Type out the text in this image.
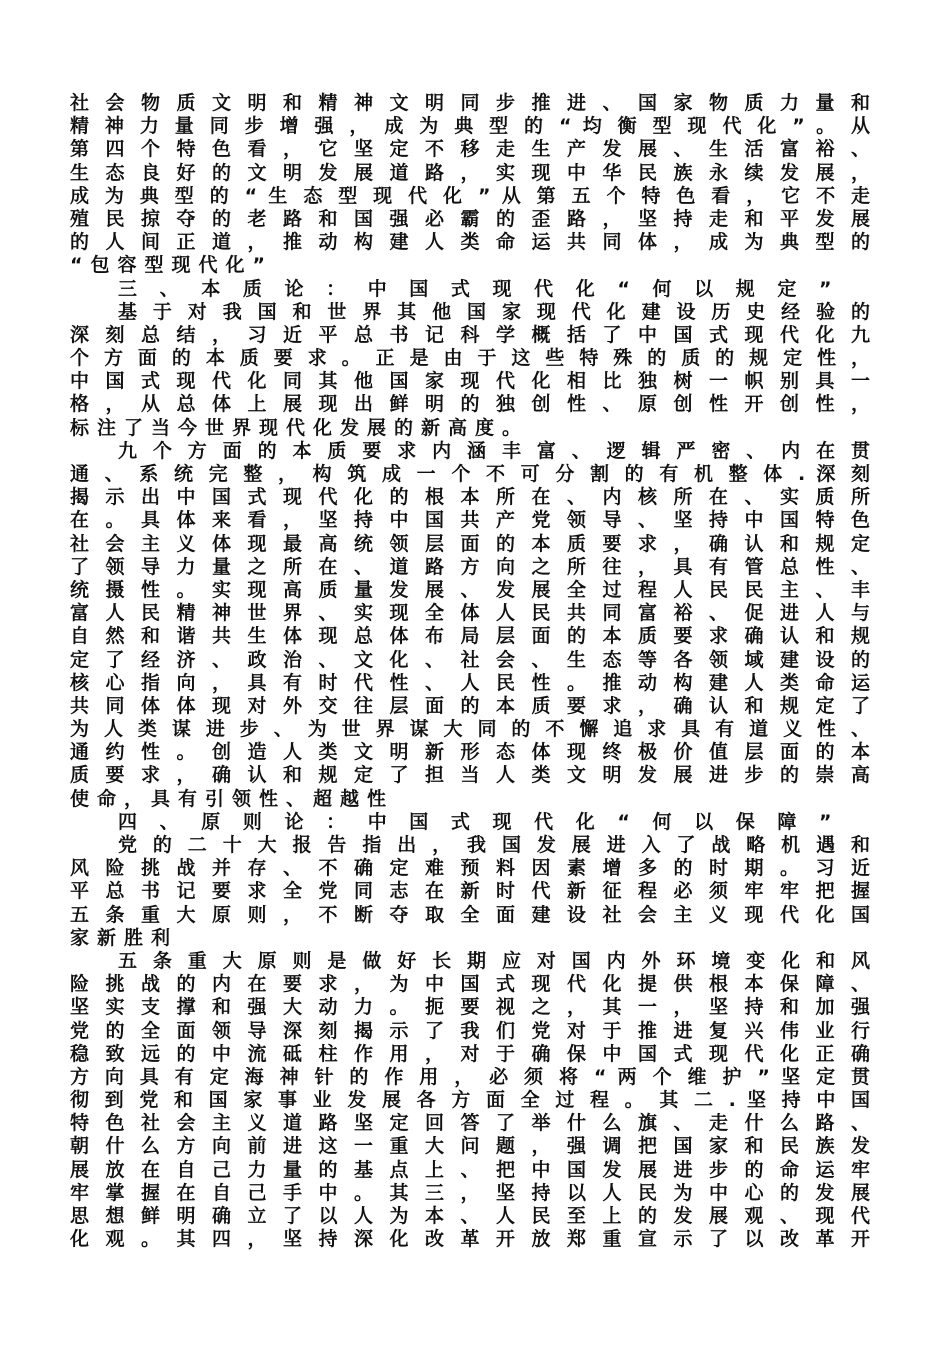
社 会 物 质 文 明 和 精 神 文 明 同 步 推 进 、 国 家 物 质 力 量 和
精 神 力 量 同 步 增 强 ， 成 为 典 型 的 “ 均 衡 型 现 代 化 ” 。 从
第 四 个 特 色 看 ， 它 坚 定 不 移 走 生 产 发 展 、 生 活 富 裕 、
生 态 良 好 的 文 明 发 展 道 路 ， 实 现 中 华 民 族 永 续 发 展 ，
成 为 典 型 的 “ 生 态 型 现 代 化 ” 从 第 五 个 特 色 看 ， 它 不 走
殖 民 掠 夺 的 老 路 和 国 强 必 霸 的 歪 路 ， 坚 持 走 和 平 发 展
的 人 间 正 道 ， 推 动 构 建 人 类 命 运 共 同 体 ， 成 为 典 型 的
“包容型现代化”
三 、 本 质 论 ： 中 国 式 现 代 化 “ 何 以 规 定 ”
基 于 对 我 国 和 世 界 其 他 国 家 现 代 化 建 设 历 史 经 验 的
深 刻 总 结 ， 习 近 平 总 书 记 科 学 概 括 了 中 国 式 现 代 化 九
个 方 面 的 本 质 要 求 。 正 是 由 于 这 些 特 殊 的 质 的 规 定 性 ，
中 国 式 现 代 化 同 其 他 国 家 现 代 化 相 比 独 树 一 帜 别 具 一
格 ， 从 总 体 上 展 现 出 鲜 明 的 独 创 性 、 原 创 性 开 创 性 ，
标注了当今世界现代化发展的新高度。
九 个 方 面 的 本 质 要 求 内 涵 丰 富 、 逻 辑 严 密 、 内 在 贯
通 、 系 统 完 整 ， 构 筑 成 一 个 不 可 分 割 的 有 机 整 体 . 深 刻
揭 示 出 中 国 式 现 代 化 的 根 本 所 在 、 内 核 所 在 、 实 质 所
在 。 具 体 来 看 ， 坚 持 中 国 共 产 党 领 导 、 坚 持 中 国 特 色
社 会 主 义 体 现 最 高 统 领 层 面 的 本 质 要 求 ， 确 认 和 规 定
了 领 导 力 量 之 所 在 、 道 路 方 向 之 所 往 ， 具 有 管 总 性 、
统 摄 性 。 实 现 高 质 量 发 展 、 发 展 全 过 程 人 民 民 主 、 丰
富 人 民 精 神 世 界 、 实 现 全 体 人 民 共 同 富 裕 、 促 进 人 与
自 然 和 谐 共 生 体 现 总 体 布 局 层 面 的 本 质 要 求 确 认 和 规
定 了 经 济 、 政 治 、 文 化 、 社 会 、 生 态 等 各 领 域 建 设 的
核 心 指 向 ， 具 有 时 代 性 、 人 民 性 。 推 动 构 建 人 类 命 运
共 同 体 体 现 对 外 交 往 层 面 的 本 质 要 求 ， 确 认 和 规 定 了
为 人 类 谋 进 步 、 为 世 界 谋 大 同 的 不 懈 追 求 具 有 道 义 性 、
通 约 性 。 创 造 人 类 文 明 新 形 态 体 现 终 极 价 值 层 面 的 本
质 要 求 ， 确 认 和 规 定 了 担 当 人 类 文 明 发 展 进 步 的 崇 高
使命，具有引领性、超越性
四 、 原 则 论 ： 中 国 式 现 代 化 “ 何 以 保 障 ”
党 的 二 十 大 报 告 指 出 ， 我 国 发 展 进 入 了 战 略 机 遇 和
风 险 挑 战 并 存 、 不 确 定 难 预 料 因 素 增 多 的 时 期 。 习 近
平 总 书 记 要 求 全 党 同 志 在 新 时 代 新 征 程 必 须 牢 牢 把 握
五 条 重 大 原 则 ， 不 断 夺 取 全 面 建 设 社 会 主 义 现 代 化 国
家新胜利
五 条 重 大 原 则 是 做 好 长 期 应 对 国 内 外 环 境 变 化 和 风
险 挑 战 的 内 在 要 求 ， 为 中 国 式 现 代 化 提 供 根 本 保 障 、
坚 实 支 撑 和 强 大 动 力 。 扼 要 视 之 ， 其 一 ， 坚 持 和 加 强
党 的 全 面 领 导 深 刻 揭 示 了 我 们 党 对 于 推 进 复 兴 伟 业 行
稳 致 远 的 中 流 砥 柱 作 用 ， 对 于 确 保 中 国 式 现 代 化 正 确
方 向 具 有 定 海 神 针 的 作 用 ， 必 须 将 “ 两 个 维 护 ” 坚 定 贯
彻 到 党 和 国 家 事 业 发 展 各 方 面 全 过 程 。 其 二 . 坚 持 中 国
特 色 社 会 主 义 道 路 坚 定 回 答 了 举 什 么 旗 、 走 什 么 路 、
朝 什 么 方 向 前 进 这 一 重 大 问 题 ， 强 调 把 国 家 和 民 族 发
展 放 在 自 己 力 量 的 基 点 上 、 把 中 国 发 展 进 步 的 命 运 牢
牢 掌 握 在 自 己 手 中 。 其 三 ， 坚 持 以 人 民 为 中 心 的 发 展
思 想 鲜 明 确 立 了 以 人 为 本 、 人 民 至 上 的 发 展 观 、 现 代
化 观 。 其 四 ， 坚 持 深 化 改 革 开 放 郑 重 宣 示 了 以 改 革 开
